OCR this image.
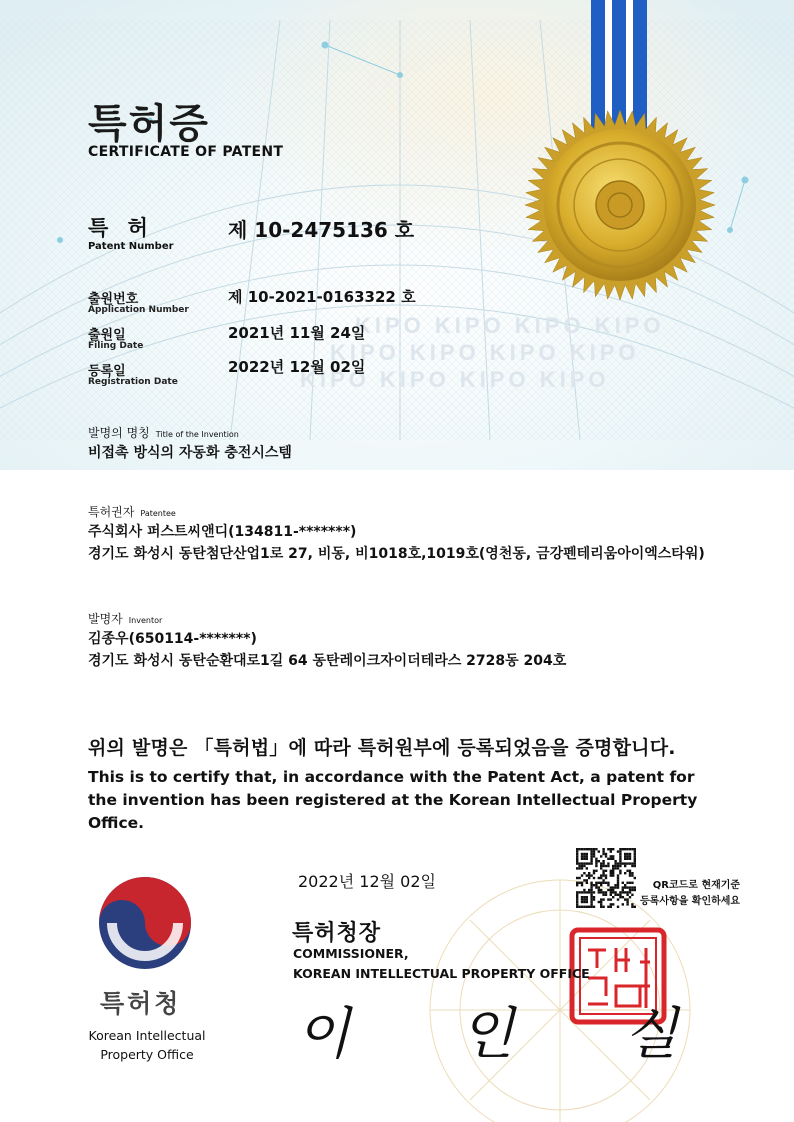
KIPO KIPO KIPO KIPO
KIPO KIPO KIPO KIPO
KIPO KIPO KIPO KIPO
특허증
CERTIFICATE OF PATENT
특 허
Patent Number
제 10-2475136 호
출원번호
Application Number
제 10-2021-0163322 호
출원일
Filing Date
2021년 11월 24일
등록일
Registration Date
2022년 12월 02일
발명의 명칭 Title of the Invention
비접촉 방식의 자동화 충전시스템
특허권자 Patentee
주식회사 퍼스트씨앤디(134811-*******)
경기도 화성시 동탄첨단산업1로 27, 비동, 비1018호,1019호(영천동, 금강펜테리움아이엑스타워)
발명자 Inventor
김종우(650114-*******)
경기도 화성시 동탄순환대로1길 64 동탄레이크자이더테라스 2728동 204호
위의 발명은 「특허법」에 따라 특허원부에 등록되었음을 증명합니다.
This is to certify that, in accordance with the Patent Act, a patent for the invention has been registered at the Korean Intellectual Property Office.
2022년 12월 02일
특허청장
COMMISSIONER,
KOREAN INTELLECTUAL PROPERTY OFFICE
이 인 실
QR코드로 현재기준
등록사항을 확인하세요
특허청
Korean Intellectual
Property Office
